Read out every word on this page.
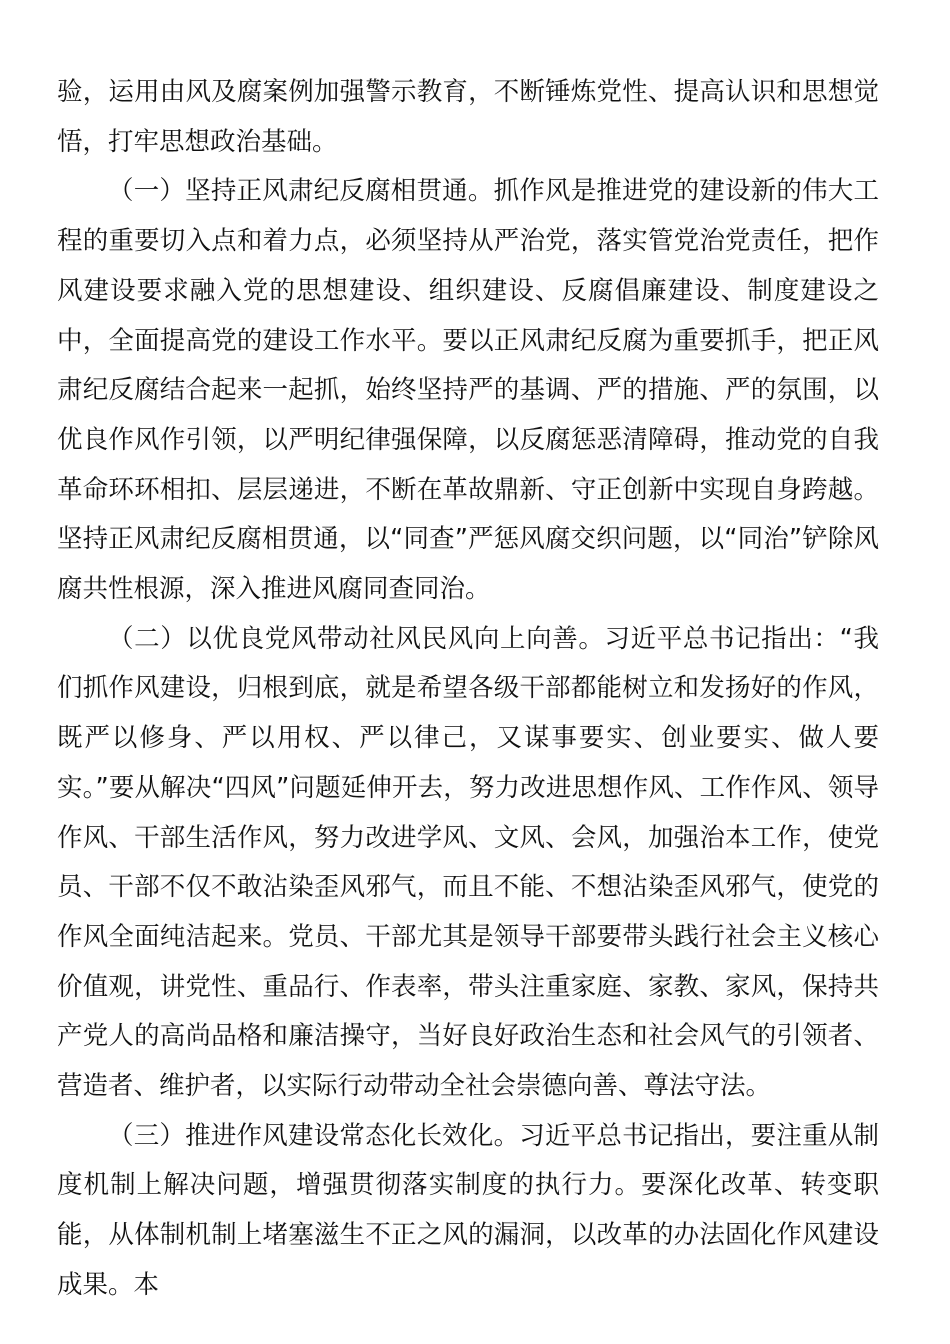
验，运用由风及腐案例加强警示教育，不断锤炼党性、提高认识和思想觉悟，打牢思想政治基础。

（一）坚持正风肃纪反腐相贯通。抓作风是推进党的建设新的伟大工程的重要切入点和着力点，必须坚持从严治党，落实管党治党责任，把作风建设要求融入党的思想建设、组织建设、反腐倡廉建设、制度建设之中，全面提高党的建设工作水平。要以正风肃纪反腐为重要抓手，把正风肃纪反腐结合起来一起抓，始终坚持严的基调、严的措施、严的氛围，以优良作风作引领，以严明纪律强保障，以反腐惩恶清障碍，推动党的自我革命环环相扣、层层递进，不断在革故鼎新、守正创新中实现自身跨越。坚持正风肃纪反腐相贯通，以“同查”严惩风腐交织问题，以“同治”铲除风腐共性根源，深入推进风腐同查同治。

（二）以优良党风带动社风民风向上向善。习近平总书记指出：“我们抓作风建设，归根到底，就是希望各级干部都能树立和发扬好的作风，既严以修身、严以用权、严以律己，又谋事要实、创业要实、做人要实。”要从解决“四风”问题延伸开去，努力改进思想作风、工作作风、领导作风、干部生活作风，努力改进学风、文风、会风，加强治本工作，使党员、干部不仅不敢沾染歪风邪气，而且不能、不想沾染歪风邪气，使党的作风全面纯洁起来。党员、干部尤其是领导干部要带头践行社会主义核心价值观，讲党性、重品行、作表率，带头注重家庭、家教、家风，保持共产党人的高尚品格和廉洁操守，当好良好政治生态和社会风气的引领者、营造者、维护者，以实际行动带动全社会崇德向善、尊法守法。

（三）推进作风建设常态化长效化。习近平总书记指出，要注重从制度机制上解决问题，增强贯彻落实制度的执行力。要深化改革、转变职能，从体制机制上堵塞滋生不正之风的漏洞，以改革的办法固化作风建设成果。本
